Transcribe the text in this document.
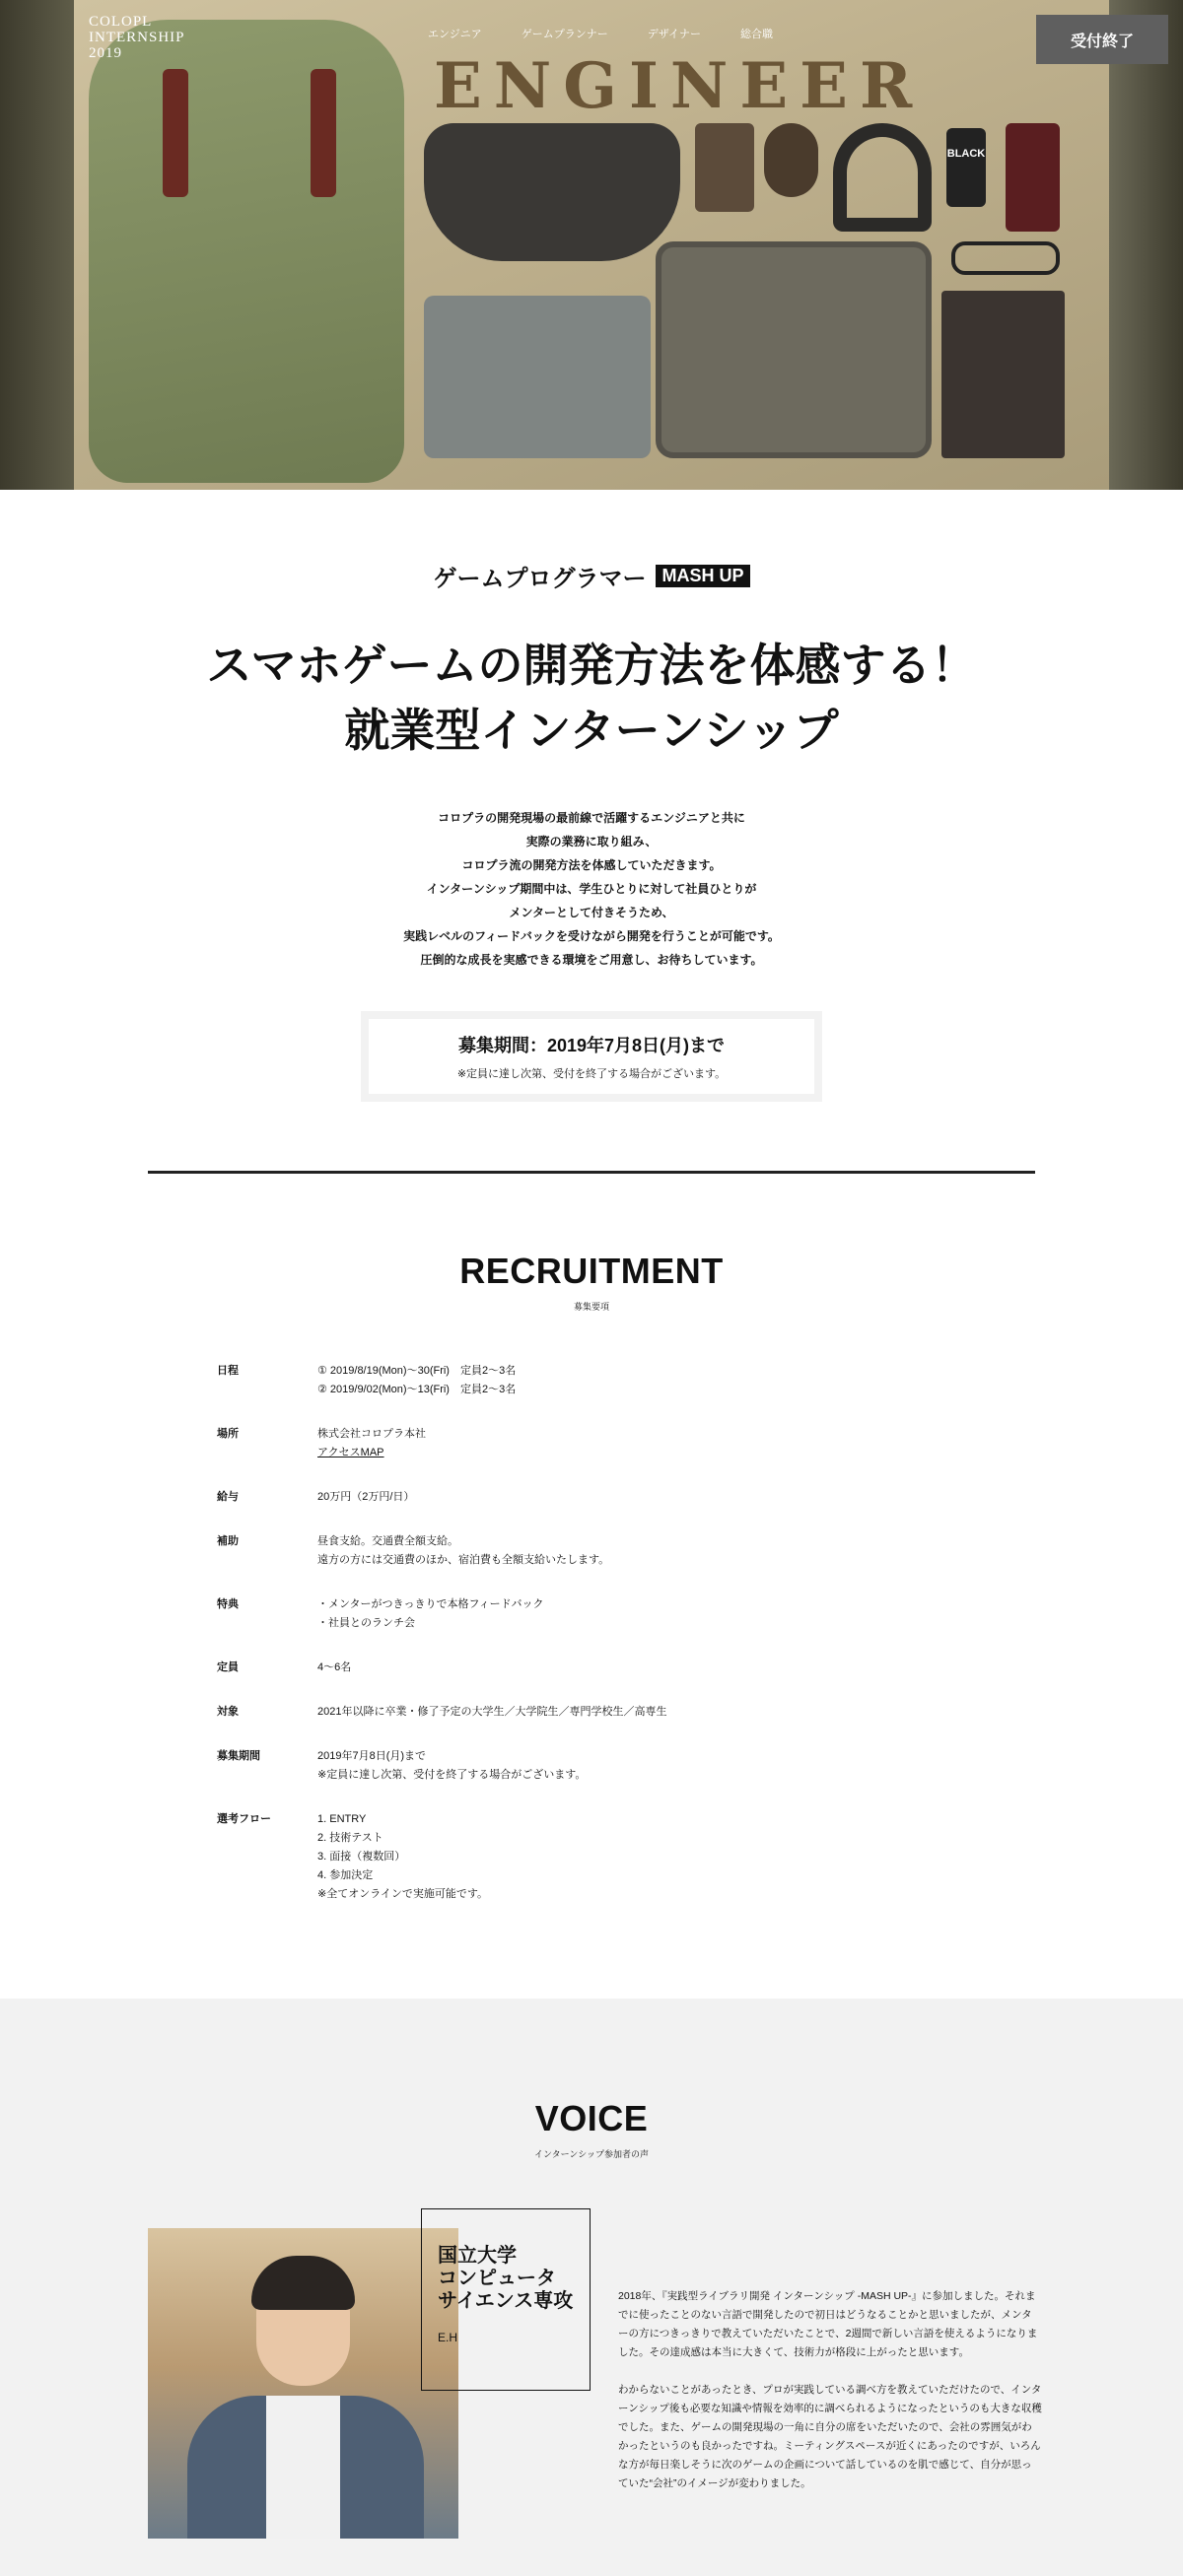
ENGINEER
BLACK
COLOPL
INTERNSHIP
2019
エンジニア	ゲームプランナー	デザイナー	総合職	受付終了
ゲームプログラマー MASH UP
スマホゲームの開発方法を体感する！
就業型インターンシップ
コロプラの開発現場の最前線で活躍するエンジニアと共に
実際の業務に取り組み、
コロプラ流の開発方法を体感していただきます。
インターンシップ期間中は、学生ひとりに対して社員ひとりが
メンターとして付きそうため、
実践レベルのフィードバックを受けながら開発を行うことが可能です。
圧倒的な成長を実感できる環境をご用意し、お待ちしています。
募集期間：2019年7月8日(月)まで
※定員に達し次第、受付を終了する場合がございます。
RECRUITMENT
募集要項
日程	① 2019/8/19(Mon)〜30(Fri)　定員2〜3名
② 2019/9/02(Mon)〜13(Fri)　定員2〜3名
場所	株式会社コロプラ本社
アクセスMAP
給与	20万円（2万円/日）
補助	昼食支給。交通費全額支給。
遠方の方には交通費のほか、宿泊費も全額支給いたします。
特典	・メンターがつきっきりで本格フィードバック
・社員とのランチ会
定員	4〜6名
対象	2021年以降に卒業・修了予定の大学生／大学院生／専門学校生／高専生
募集期間	2019年7月8日(月)まで
※定員に達し次第、受付を終了する場合がございます。
選考フロー	1. ENTRY
2. 技術テスト
3. 面接（複数回）
4. 参加決定
※全てオンラインで実施可能です。
VOICE
インターンシップ参加者の声
国立大学
コンピュータ
サイエンス専攻
E.H

2018年、『実践型ライブラリ開発 インターンシップ -MASH UP-』に参加しました。それまでに使ったことのない言語で開発したので初日はどうなることかと思いましたが、メンターの方につきっきりで教えていただいたことで、2週間で新しい言語を使えるようになりました。その達成感は本当に大きくて、技術力が格段に上がったと思います。

わからないことがあったとき、プロが実践している調べ方を教えていただけたので、インターンシップ後も必要な知識や情報を効率的に調べられるようになったというのも大きな収穫でした。また、ゲームの開発現場の一角に自分の席をいただいたので、会社の雰囲気がわかったというのも良かったですね。ミーティングスペースが近くにあったのですが、いろんな方が毎日楽しそうに次のゲームの企画について話しているのを肌で感じて、自分が思っていた“会社”のイメージが変わりました。
